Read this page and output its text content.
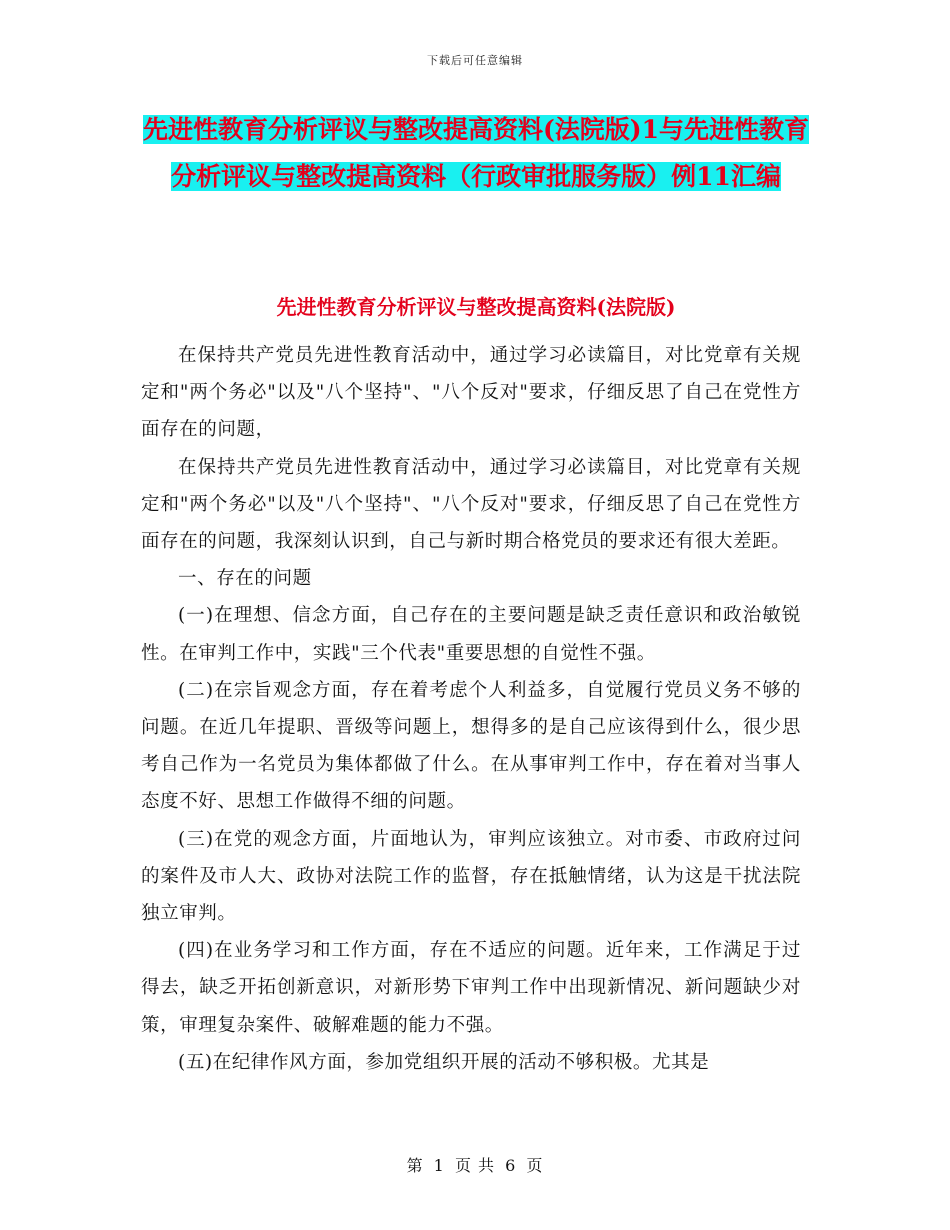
下载后可任意编辑
先进性教育分析评议与整改提高资料(法院版)1与先进性教育分析评议与整改提高资料（行政审批服务版）例11汇编
先进性教育分析评议与整改提高资料(法院版)

在保持共产党员先进性教育活动中，通过学习必读篇目，对比党章有关规定和"两个务必"以及"八个坚持"、"八个反对"要求，仔细反思了自己在党性方面存在的问题，

在保持共产党员先进性教育活动中，通过学习必读篇目，对比党章有关规定和"两个务必"以及"八个坚持"、"八个反对"要求，仔细反思了自己在党性方面存在的问题，我深刻认识到，自己与新时期合格党员的要求还有很大差距。

一、存在的问题

(一)在理想、信念方面，自己存在的主要问题是缺乏责任意识和政治敏锐性。在审判工作中，实践"三个代表"重要思想的自觉性不强。

(二)在宗旨观念方面，存在着考虑个人利益多，自觉履行党员义务不够的问题。在近几年提职、晋级等问题上，想得多的是自己应该得到什么，很少思考自己作为一名党员为集体都做了什么。在从事审判工作中，存在着对当事人态度不好、思想工作做得不细的问题。

(三)在党的观念方面，片面地认为，审判应该独立。对市委、市政府过问的案件及市人大、政协对法院工作的监督，存在抵触情绪，认为这是干扰法院独立审判。

(四)在业务学习和工作方面，存在不适应的问题。近年来，工作满足于过得去，缺乏开拓创新意识，对新形势下审判工作中出现新情况、新问题缺少对策，审理复杂案件、破解难题的能力不强。

(五)在纪律作风方面，参加党组织开展的活动不够积极。尤其是

第 1 页 共 6 页
